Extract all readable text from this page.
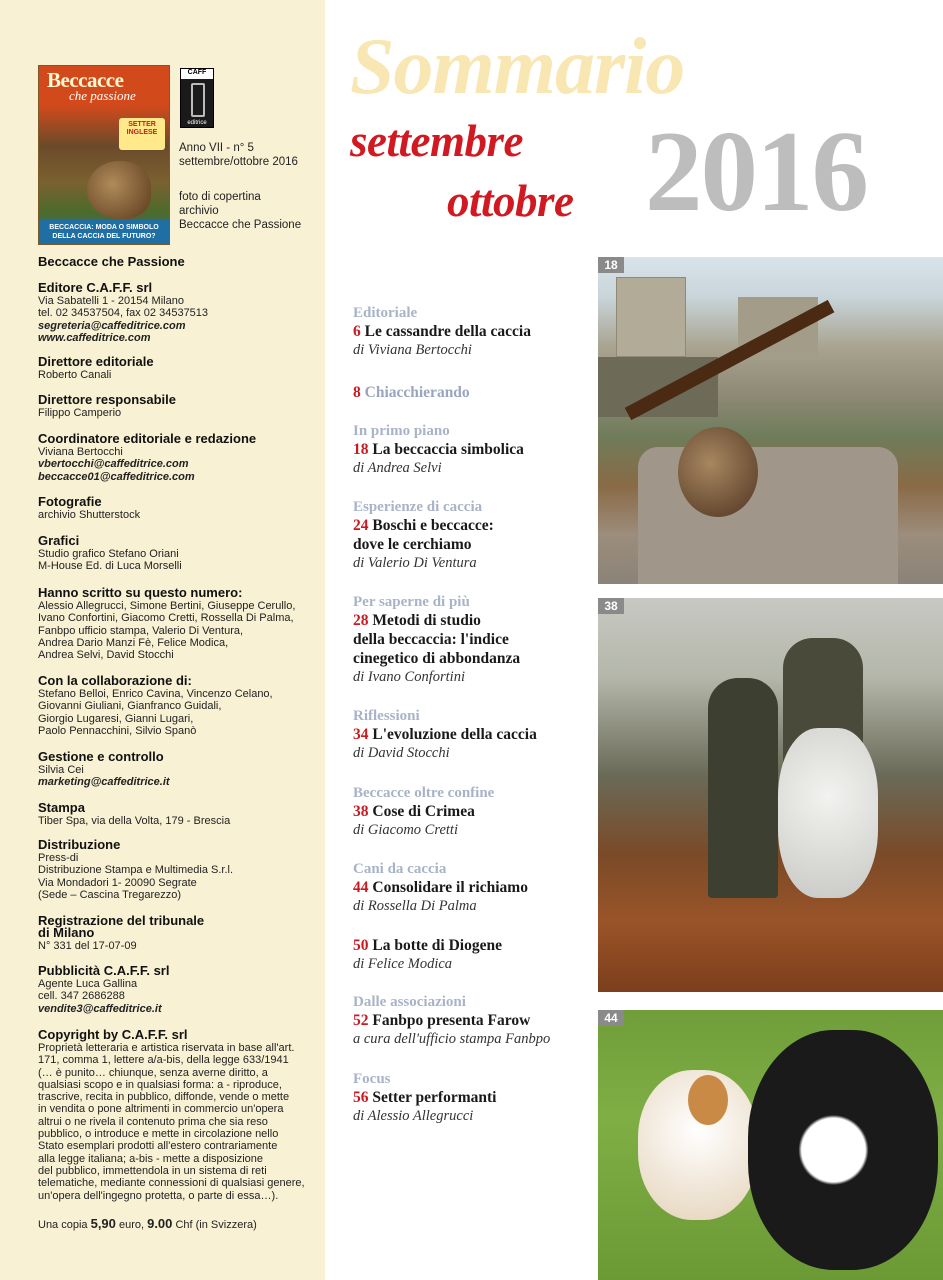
Beccacce
che passione
SETTER INGLESE
BECCACCIA: MODA O SIMBOLO DELLA CACCIA DEL FUTURO?
CAFF
editrice
Anno VII - n° 5
settembre/ottobre 2016
foto di copertina
archivio
Beccacce che Passione
Beccacce che Passione
Editore C.A.F.F. srl
Via Sabatelli 1 - 20154 Milano
tel. 02 34537504, fax 02 34537513
segreteria@caffeditrice.com
www.caffeditrice.com
Direttore editoriale
Roberto Canali
Direttore responsabile
Filippo Camperio
Coordinatore editoriale e redazione
Viviana Bertocchi
vbertocchi@caffeditrice.com
beccacce01@caffeditrice.com
Fotografie
archivio Shutterstock
Grafici
Studio grafico Stefano Oriani
M-House Ed. di Luca Morselli
Hanno scritto su questo numero:
Alessio Allegrucci, Simone Bertini, Giuseppe Cerullo,
Ivano Confortini, Giacomo Cretti, Rossella Di Palma,
Fanbpo ufficio stampa, Valerio Di Ventura,
Andrea Dario Manzi Fè, Felice Modica,
Andrea Selvi, David Stocchi
Con la collaborazione di:
Stefano Belloi, Enrico Cavina, Vincenzo Celano,
Giovanni Giuliani, Gianfranco Guidali,
Giorgio Lugaresi, Gianni Lugari,
Paolo Pennacchini, Silvio Spanò
Gestione e controllo
Silvia Cei
marketing@caffeditrice.it
Stampa
Tiber Spa, via della Volta, 179 - Brescia
Distribuzione
Press-di
Distribuzione Stampa e Multimedia S.r.l.
Via Mondadori 1- 20090 Segrate
(Sede – Cascina Tregarezzo)
Registrazione del tribunale
di Milano
N° 331 del 17-07-09
Pubblicità C.A.F.F. srl
Agente Luca Gallina
cell. 347 2686288
vendite3@caffeditrice.it
Copyright by C.A.F.F. srl
Proprietà letteraria e artistica riservata in base all'art.
171, comma 1, lettere a/a-bis, della legge 633/1941
(… è punito… chiunque, senza averne diritto, a
qualsiasi scopo e in qualsiasi forma: a - riproduce,
trascrive, recita in pubblico, diffonde, vende o mette
in vendita o pone altrimenti in commercio un'opera
altrui o ne rivela il contenuto prima che sia reso
pubblico, o introduce e mette in circolazione nello
Stato esemplari prodotti all'estero contrariamente
alla legge italiana; a-bis - mette a disposizione
del pubblico, immettendola in un sistema di reti
telematiche, mediante connessioni di qualsiasi genere,
un'opera dell'ingegno protetta, o parte di essa…).
Una copia 5,90 euro, 9.00 Chf (in Svizzera)
Sommario
settembre
ottobre 2016
Editoriale
6 Le cassandre della caccia
di Viviana Bertocchi
8 Chiacchierando
In primo piano
18 La beccaccia simbolica
di Andrea Selvi
Esperienze di caccia
24 Boschi e beccacce:
dove le cerchiamo
di Valerio Di Ventura
Per saperne di più
28 Metodi di studio
della beccaccia: l'indice
cinegetico di abbondanza
di Ivano Confortini
Riflessioni
34 L'evoluzione della caccia
di David Stocchi
Beccacce oltre confine
38 Cose di Crimea
di Giacomo Cretti
Cani da caccia
44 Consolidare il richiamo
di Rossella Di Palma
50 La botte di Diogene
di Felice Modica
Dalle associazioni
52 Fanbpo presenta Farow
a cura dell'ufficio stampa Fanbpo
Focus
56 Setter performanti
di Alessio Allegrucci
18
38
44
